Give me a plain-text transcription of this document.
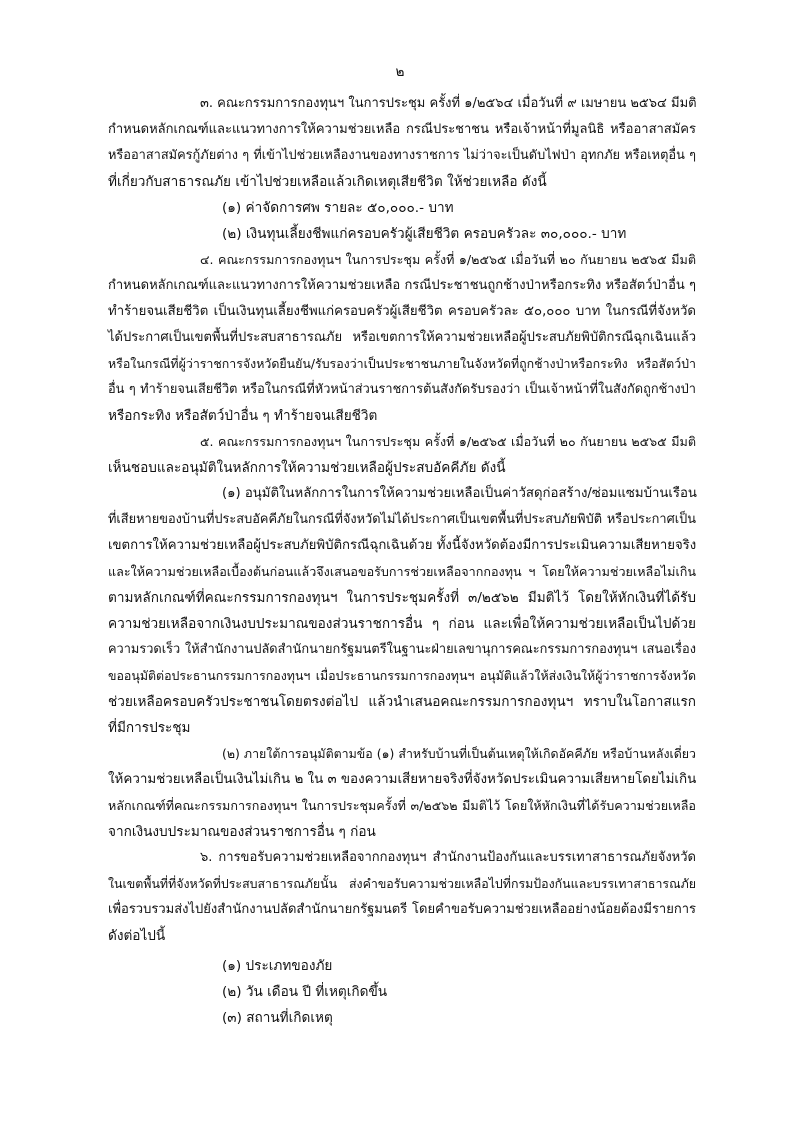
๒
๓. คณะกรรมการกองทุนฯ ในการประชุม ครั้งที่ ๑/๒๕๖๔ เมื่อวันที่ ๙ เมษายน ๒๕๖๔ มีมติ
กำหนดหลักเกณฑ์และแนวทางการให้ความช่วยเหลือ กรณีประชาชน หรือเจ้าหน้าที่มูลนิธิ หรืออาสาสมัคร
หรืออาสาสมัครกู้ภัยต่าง ๆ ที่เข้าไปช่วยเหลืองานของทางราชการ ไม่ว่าจะเป็นดับไฟป่า อุทกภัย หรือเหตุอื่น ๆ
ที่เกี่ยวกับสาธารณภัย เข้าไปช่วยเหลือแล้วเกิดเหตุเสียชีวิต ให้ช่วยเหลือ ดังนี้
(๑) ค่าจัดการศพ รายละ ๕๐,๐๐๐.- บาท
(๒) เงินทุนเลี้ยงชีพแก่ครอบครัวผู้เสียชีวิต ครอบครัวละ ๓๐,๐๐๐.- บาท
๔. คณะกรรมการกองทุนฯ ในการประชุม ครั้งที่ ๑/๒๕๖๕ เมื่อวันที่ ๒๐ กันยายน ๒๕๖๕ มีมติ
กำหนดหลักเกณฑ์และแนวทางการให้ความช่วยเหลือ กรณีประชาชนถูกช้างป่าหรือกระทิง หรือสัตว์ป่าอื่น ๆ
ทำร้ายจนเสียชีวิต เป็นเงินทุนเลี้ยงชีพแก่ครอบครัวผู้เสียชีวิต ครอบครัวละ ๕๐,๐๐๐ บาท ในกรณีที่จังหวัด
ได้ประกาศเป็นเขตพื้นที่ประสบสาธารณภัย หรือเขตการให้ความช่วยเหลือผู้ประสบภัยพิบัติกรณีฉุกเฉินแล้ว
หรือในกรณีที่ผู้ว่าราชการจังหวัดยืนยัน/รับรองว่าเป็นประชาชนภายในจังหวัดที่ถูกช้างป่าหรือกระทิง หรือสัตว์ป่า
อื่น ๆ ทำร้ายจนเสียชีวิต หรือในกรณีที่หัวหน้าส่วนราชการต้นสังกัดรับรองว่า เป็นเจ้าหน้าที่ในสังกัดถูกช้างป่า
หรือกระทิง หรือสัตว์ป่าอื่น ๆ ทำร้ายจนเสียชีวิต
๕. คณะกรรมการกองทุนฯ ในการประชุม ครั้งที่ ๑/๒๕๖๕ เมื่อวันที่ ๒๐ กันยายน ๒๕๖๕ มีมติ
เห็นชอบและอนุมัติในหลักการให้ความช่วยเหลือผู้ประสบอัคคีภัย ดังนี้
(๑) อนุมัติในหลักการในการให้ความช่วยเหลือเป็นค่าวัสดุก่อสร้าง/ซ่อมแซมบ้านเรือน
ที่เสียหายของบ้านที่ประสบอัคคีภัยในกรณีที่จังหวัดไม่ได้ประกาศเป็นเขตพื้นที่ประสบภัยพิบัติ หรือประกาศเป็น
เขตการให้ความช่วยเหลือผู้ประสบภัยพิบัติกรณีฉุกเฉินด้วย ทั้งนี้จังหวัดต้องมีการประเมินความเสียหายจริง
และให้ความช่วยเหลือเบื้องต้นก่อนแล้วจึงเสนอขอรับการช่วยเหลือจากกองทุน ฯ โดยให้ความช่วยเหลือไม่เกิน
ตามหลักเกณฑ์ที่คณะกรรมการกองทุนฯ ในการประชุมครั้งที่ ๓/๒๕๖๒ มีมติไว้ โดยให้หักเงินที่ได้รับ
ความช่วยเหลือจากเงินงบประมาณของส่วนราชการอื่น ๆ ก่อน และเพื่อให้ความช่วยเหลือเป็นไปด้วย
ความรวดเร็ว ให้สำนักงานปลัดสำนักนายกรัฐมนตรีในฐานะฝ่ายเลขานุการคณะกรรมการกองทุนฯ เสนอเรื่อง
ขออนุมัติต่อประธานกรรมการกองทุนฯ เมื่อประธานกรรมการกองทุนฯ อนุมัติแล้วให้ส่งเงินให้ผู้ว่าราชการจังหวัด
ช่วยเหลือครอบครัวประชาชนโดยตรงต่อไป แล้วนำเสนอคณะกรรมการกองทุนฯ ทราบในโอกาสแรก
ที่มีการประชุม
(๒) ภายใต้การอนุมัติตามข้อ (๑) สำหรับบ้านที่เป็นต้นเหตุให้เกิดอัคคีภัย หรือบ้านหลังเดี่ยว
ให้ความช่วยเหลือเป็นเงินไม่เกิน ๒ ใน ๓ ของความเสียหายจริงที่จังหวัดประเมินความเสียหายโดยไม่เกิน
หลักเกณฑ์ที่คณะกรรมการกองทุนฯ ในการประชุมครั้งที่ ๓/๒๕๖๒ มีมติไว้ โดยให้หักเงินที่ได้รับความช่วยเหลือ
จากเงินงบประมาณของส่วนราชการอื่น ๆ ก่อน
๖. การขอรับความช่วยเหลือจากกองทุนฯ สำนักงานป้องกันและบรรเทาสาธารณภัยจังหวัด
ในเขตพื้นที่ที่จังหวัดที่ประสบสาธารณภัยนั้น ส่งคำขอรับความช่วยเหลือไปที่กรมป้องกันและบรรเทาสาธารณภัย
เพื่อรวบรวมส่งไปยังสำนักงานปลัดสำนักนายกรัฐมนตรี โดยคำขอรับความช่วยเหลืออย่างน้อยต้องมีรายการ
ดังต่อไปนี้
(๑) ประเภทของภัย
(๒) วัน เดือน ปี ที่เหตุเกิดขึ้น
(๓) สถานที่เกิดเหตุ
